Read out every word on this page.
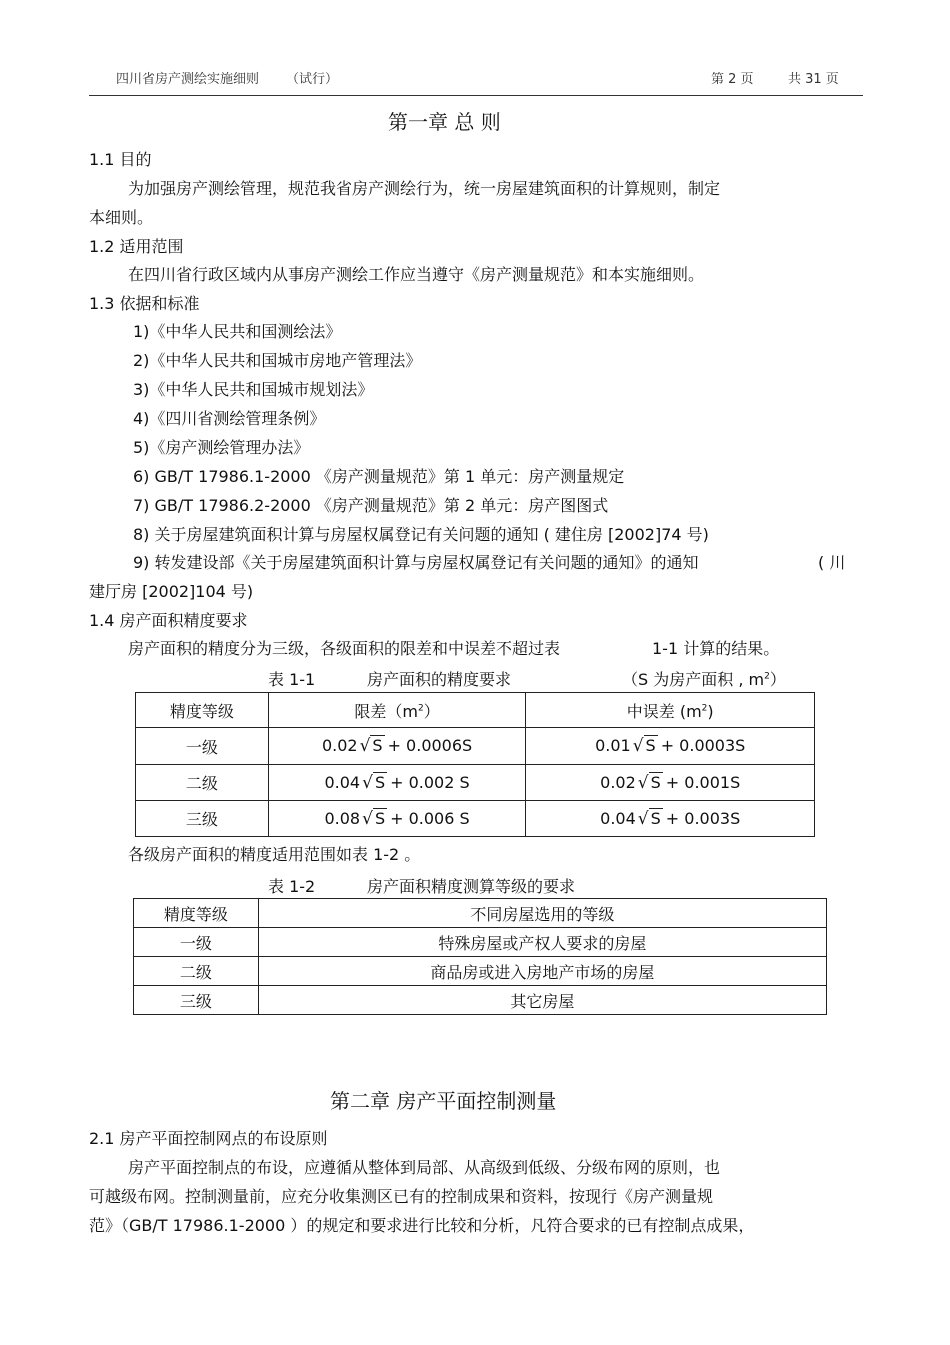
四川省房产测绘实施细则 （试行）	第 2 页	共 31 页
第一章 总 则
1.1 目的
为加强房产测绘管理，规范我省房产测绘行为，统一房屋建筑面积的计算规则，制定
本细则。
1.2 适用范围
在四川省行政区域内从事房产测绘工作应当遵守《房产测量规范》和本实施细则。
1.3 依据和标准
1)《中华人民共和国测绘法》
2)《中华人民共和国城市房地产管理法》
3)《中华人民共和国城市规划法》
4)《四川省测绘管理条例》
5)《房产测绘管理办法》
6) GB/T 17986.1-2000 《房产测量规范》第 1 单元：房产测量规定
7) GB/T 17986.2-2000 《房产测量规范》第 2 单元：房产图图式
8) 关于房屋建筑面积计算与房屋权属登记有关问题的通知 ( 建住房 [2002]74 号)
9) 转发建设部《关于房屋建筑面积计算与房屋权属登记有关问题的通知》的通知	( 川
建厅房 [2002]104 号)
1.4 房产面积精度要求
房产面积的精度分为三级，各级面积的限差和中误差不超过表	1-1 计算的结果。
表 1-1	房产面积的精度要求	（S 为房产面积 , $m^2$）
精度等级	限差$(m^2)$	中误差 $(m^2)$
一级	0.02 √ S + 0.0006S	0.01 √ S + 0.0003S
二级	0.04 √ S + 0.002 S	0.02 √ S + 0.001S
三级	0.08 √ S + 0.006 S	0.04 √ S + 0.003S
各级房产面积的精度适用范围如表 1-2 。
表 1-2	房产面积精度测算等级的要求
精度等级	不同房屋选用的等级
一级	特殊房屋或产权人要求的房屋
二级	商品房或进入房地产市场的房屋
三级	其它房屋
第二章 房产平面控制测量
2.1 房产平面控制网点的布设原则
房产平面控制点的布设，应遵循从整体到局部、从高级到低级、分级布网的原则，也
可越级布网。控制测量前，应充分收集测区已有的控制成果和资料，按现行《房产测量规
范》（GB/T 17986.1-2000 ）的规定和要求进行比较和分析，凡符合要求的已有控制点成果，
